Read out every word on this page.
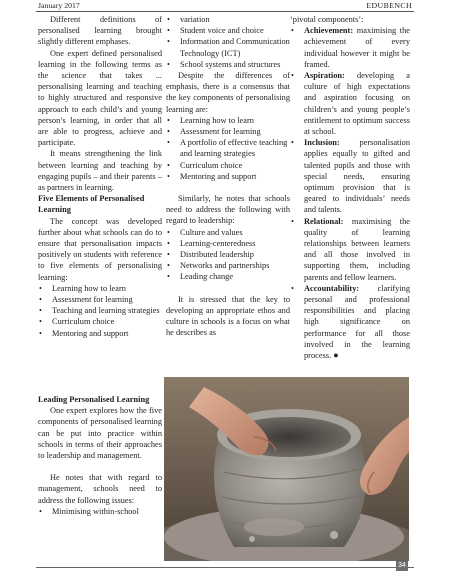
January 2017	EDUBENCH

Different definitions of personalised learning brought slightly different emphases.

One expert defined personalised learning in the following terms as the science that takes ... personalising learning and teaching to highly structured and responsive approach to each child’s and young person’s learning, in order that all are able to progress, achieve and participate.

It means strengthening the link between learning and teaching by engaging pupils – and their parents – as partners in learning.

Five Elements of Personalised Learning

The concept was developed further about what schools can do to ensure that personalisation impacts positively on students with reference to five elements of personalising learning:

• Learning how to learn
• Assessment for learning
• Teaching and learning strategies
• Curriculum choice
• Mentoring and support
Leading Personalised Learning

One expert explores how the five components of personalised learning can be put into practice within schools in terms of their approaches to leadership and management.

He notes that with regard to management, schools need to address the following issues:

• Minimising within-school
• variation
• Student voice and choice
• Information and Communication Technology (ICT)
• School systems and structures

Despite the differences of emphasis, there is a consensus that the key components of personalising learning are:

• Learning how to learn
• Assessment for learning
• A portfolio of effective teaching and learning strategies
• Curriculum choice
• Mentoring and support

Similarly, he notes that schools need to address the following with regard to leadership:

• Culture and values
• Learning-centeredness
• Distributed leadership
• Networks and partnerships
• Leading change

It is stressed that the key to developing an appropriate ethos and culture in schools is a focus on what he describes as

‘pivotal components’:

• Achievement: maximising the achievement of every individual however it might be framed.
• Aspiration: developing a culture of high expectations and aspiration focusing on children’s and young people’s entitlement to optimum success at school.
• Inclusion: personalisation applies equally to gifted and talented pupils and those with special needs, ensuring optimum provision that is geared to individuals’ needs and talents.
• Relational: maximising the quality of learning relationships between learners and all those involved in supporting them, including parents and fellow learners.
• Accountability: clarifying personal and professional responsibilities and placing high significance on performance for all those involved in the learning process. ●
34
